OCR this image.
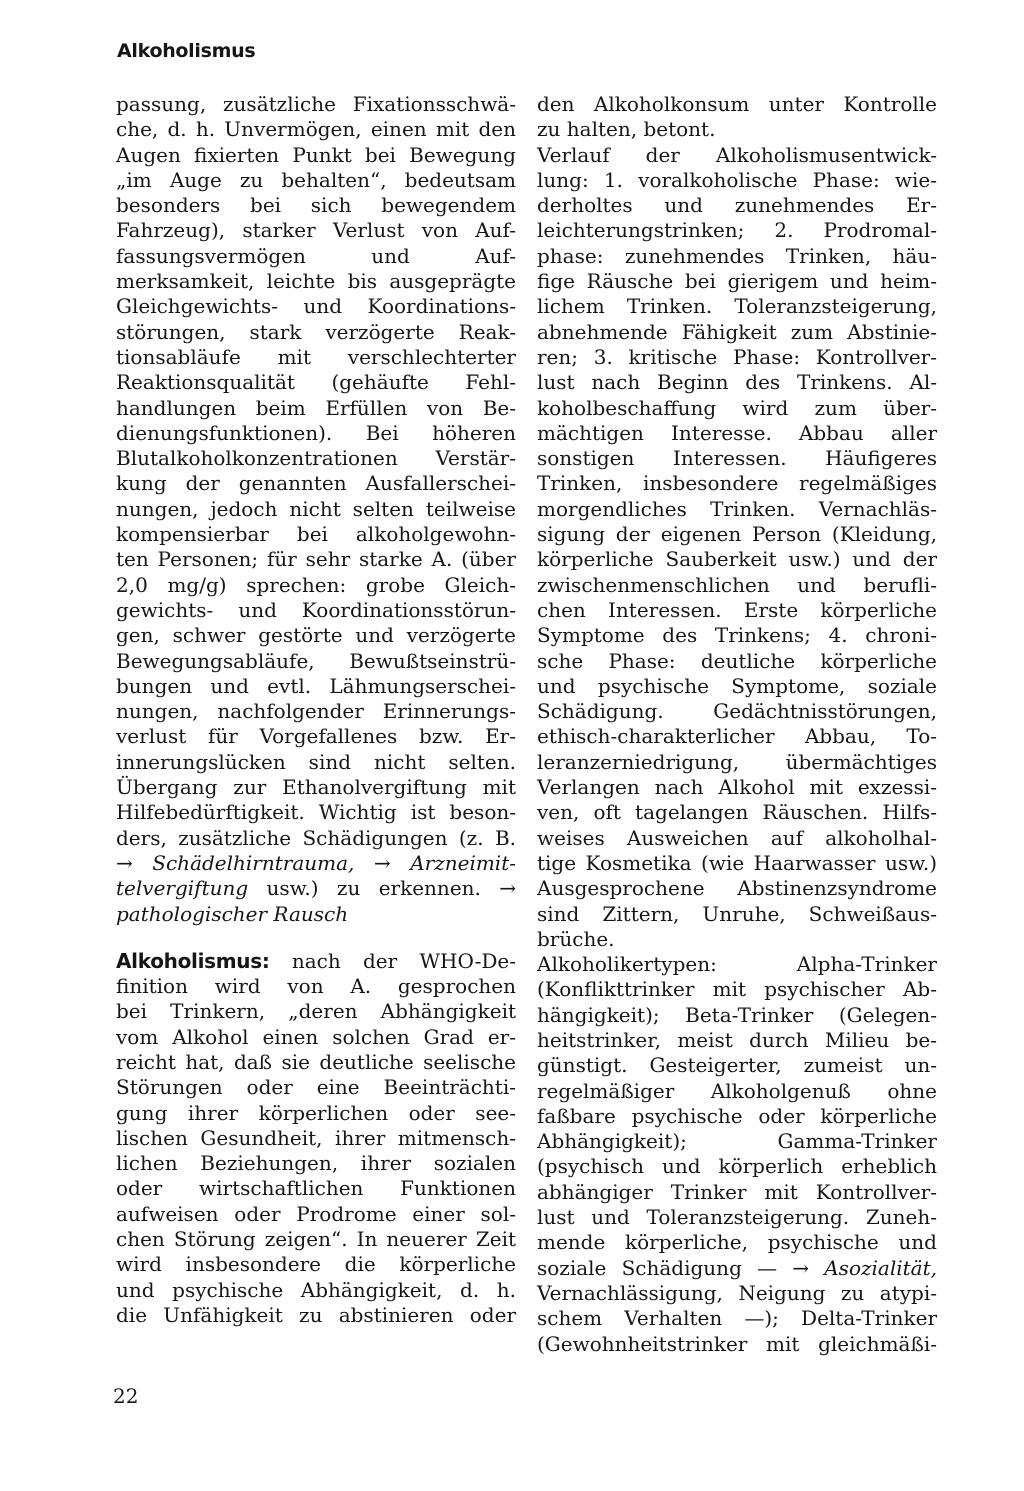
Alkoholismus
passung, zusätzliche Fixationsschwä-
che, d. h. Unvermögen, einen mit den
Augen fixierten Punkt bei Bewegung
„im Auge zu behalten“, bedeutsam
besonders bei sich bewegendem
Fahrzeug), starker Verlust von Auf-
fassungsvermögen und Auf-
merksamkeit, leichte bis ausgeprägte
Gleichgewichts- und Koordinations-
störungen, stark verzögerte Reak-
tionsabläufe mit verschlechterter
Reaktionsqualität (gehäufte Fehl-
handlungen beim Erfüllen von Be-
dienungsfunktionen). Bei höheren
Blutalkoholkonzentrationen Verstär-
kung der genannten Ausfallerschei-
nungen, jedoch nicht selten teilweise
kompensierbar bei alkoholgewohn-
ten Personen; für sehr starke A. (über
2,0 mg/g) sprechen: grobe Gleich-
gewichts- und Koordinationsstörun-
gen, schwer gestörte und verzögerte
Bewegungsabläufe, Bewußtseinstrü-
bungen und evtl. Lähmungserschei-
nungen, nachfolgender Erinnerungs-
verlust für Vorgefallenes bzw. Er-
innerungslücken sind nicht selten.
Übergang zur Ethanolvergiftung mit
Hilfebedürftigkeit. Wichtig ist beson-
ders, zusätzliche Schädigungen (z. B.
→ Schädelhirntrauma, → Arzneimit-
telvergiftung usw.) zu erkennen. →
pathologischer Rausch
Alkoholismus: nach der WHO-De-
finition wird von A. gesprochen
bei Trinkern, „deren Abhängigkeit
vom Alkohol einen solchen Grad er-
reicht hat, daß sie deutliche seelische
Störungen oder eine Beeinträchti-
gung ihrer körperlichen oder see-
lischen Gesundheit, ihrer mitmensch-
lichen Beziehungen, ihrer sozialen
oder wirtschaftlichen Funktionen
aufweisen oder Prodrome einer sol-
chen Störung zeigen“. In neuerer Zeit
wird insbesondere die körperliche
und psychische Abhängigkeit, d. h.
die Unfähigkeit zu abstinieren oder
den Alkoholkonsum unter Kontrolle
zu halten, betont.
Verlauf der Alkoholismusentwick-
lung: 1. voralkoholische Phase: wie-
derholtes und zunehmendes Er-
leichterungstrinken; 2. Prodromal-
phase: zunehmendes Trinken, häu-
fige Räusche bei gierigem und heim-
lichem Trinken. Toleranzsteigerung,
abnehmende Fähigkeit zum Abstinie-
ren; 3. kritische Phase: Kontrollver-
lust nach Beginn des Trinkens. Al-
koholbeschaffung wird zum über-
mächtigen Interesse. Abbau aller
sonstigen Interessen. Häufigeres
Trinken, insbesondere regelmäßiges
morgendliches Trinken. Vernachläs-
sigung der eigenen Person (Kleidung,
körperliche Sauberkeit usw.) und der
zwischenmenschlichen und berufli-
chen Interessen. Erste körperliche
Symptome des Trinkens; 4. chroni-
sche Phase: deutliche körperliche
und psychische Symptome, soziale
Schädigung. Gedächtnisstörungen,
ethisch-charakterlicher Abbau, To-
leranzerniedrigung, übermächtiges
Verlangen nach Alkohol mit exzessi-
ven, oft tagelangen Räuschen. Hilfs-
weises Ausweichen auf alkoholhal-
tige Kosmetika (wie Haarwasser usw.)
Ausgesprochene Abstinenzsyndrome
sind Zittern, Unruhe, Schweißaus-
brüche.
Alkoholikertypen: Alpha-Trinker
(Konflikttrinker mit psychischer Ab-
hängigkeit); Beta-Trinker (Gelegen-
heitstrinker, meist durch Milieu be-
günstigt. Gesteigerter, zumeist un-
regelmäßiger Alkoholgenuß ohne
faßbare psychische oder körperliche
Abhängigkeit); Gamma-Trinker
(psychisch und körperlich erheblich
abhängiger Trinker mit Kontrollver-
lust und Toleranzsteigerung. Zuneh-
mende körperliche, psychische und
soziale Schädigung — → Asozialität,
Vernachlässigung, Neigung zu atypi-
schem Verhalten —); Delta-Trinker
(Gewohnheitstrinker mit gleichmäßi-

22
